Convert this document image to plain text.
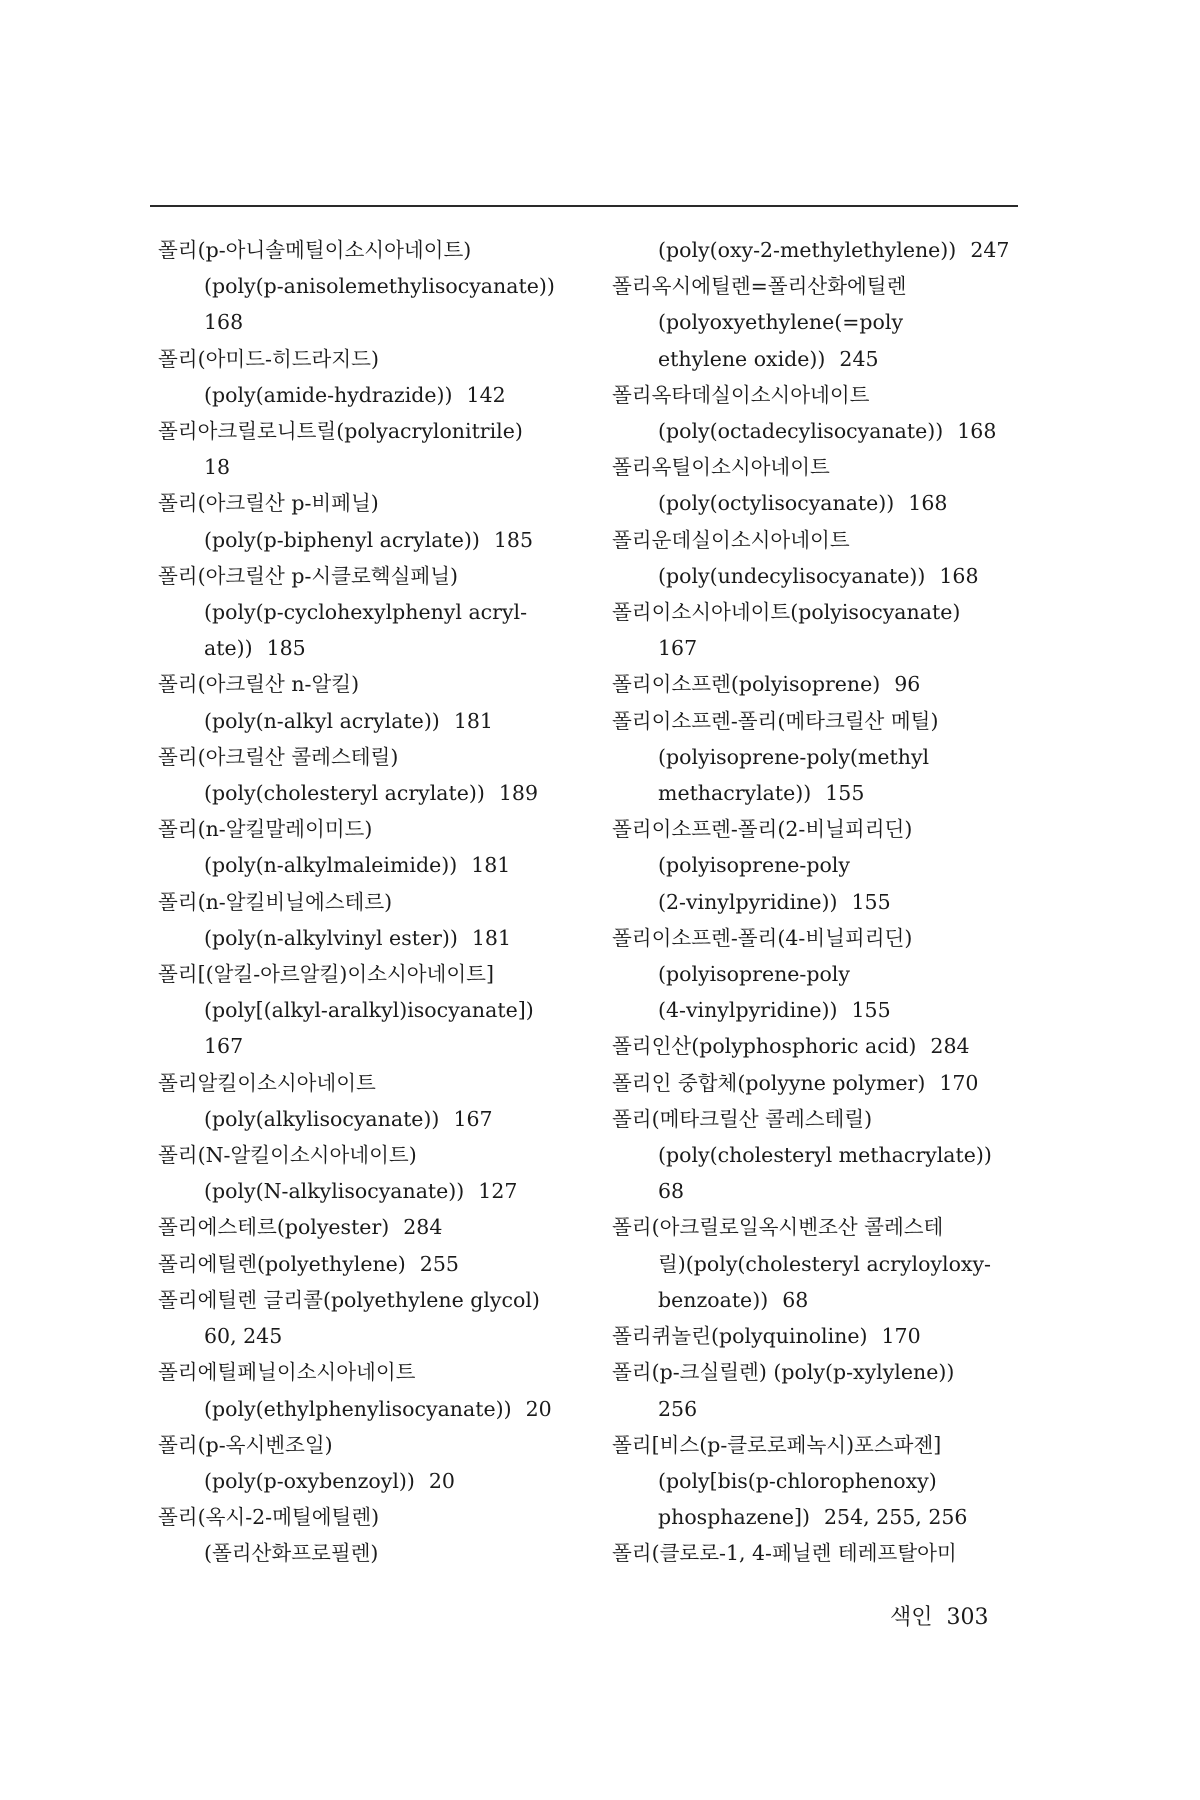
폴리(p-아니솔메틸이소시아네이트)
(poly(p-anisolemethylisocyanate))
168
폴리(아미드-히드라지드)
(poly(amide-hydrazide)) 142
폴리아크릴로니트릴(polyacrylonitrile)
18
폴리(아크릴산 p-비페닐)
(poly(p-biphenyl acrylate)) 185
폴리(아크릴산 p-시클로헥실페닐)
(poly(p-cyclohexylphenyl acryl-
ate)) 185
폴리(아크릴산 n-알킬)
(poly(n-alkyl acrylate)) 181
폴리(아크릴산 콜레스테릴)
(poly(cholesteryl acrylate)) 189
폴리(n-알킬말레이미드)
(poly(n-alkylmaleimide)) 181
폴리(n-알킬비닐에스테르)
(poly(n-alkylvinyl ester)) 181
폴리[(알킬-아르알킬)이소시아네이트]
(poly[(alkyl-aralkyl)isocyanate])
167
폴리알킬이소시아네이트
(poly(alkylisocyanate)) 167
폴리(N-알킬이소시아네이트)
(poly(N-alkylisocyanate)) 127
폴리에스테르(polyester) 284
폴리에틸렌(polyethylene) 255
폴리에틸렌 글리콜(polyethylene glycol)
60, 245
폴리에틸페닐이소시아네이트
(poly(ethylphenylisocyanate)) 20
폴리(p-옥시벤조일)
(poly(p-oxybenzoyl)) 20
폴리(옥시-2-메틸에틸렌)
(폴리산화프로필렌)
(poly(oxy-2-methylethylene)) 247
폴리옥시에틸렌=폴리산화에틸렌
(polyoxyethylene(=poly
ethylene oxide)) 245
폴리옥타데실이소시아네이트
(poly(octadecylisocyanate)) 168
폴리옥틸이소시아네이트
(poly(octylisocyanate)) 168
폴리운데실이소시아네이트
(poly(undecylisocyanate)) 168
폴리이소시아네이트(polyisocyanate)
167
폴리이소프렌(polyisoprene) 96
폴리이소프렌-폴리(메타크릴산 메틸)
(polyisoprene-poly(methyl
methacrylate)) 155
폴리이소프렌-폴리(2-비닐피리딘)
(polyisoprene-poly
(2-vinylpyridine)) 155
폴리이소프렌-폴리(4-비닐피리딘)
(polyisoprene-poly
(4-vinylpyridine)) 155
폴리인산(polyphosphoric acid) 284
폴리인 중합체(polyyne polymer) 170
폴리(메타크릴산 콜레스테릴)
(poly(cholesteryl methacrylate))
68
폴리(아크릴로일옥시벤조산 콜레스테
릴)(poly(cholesteryl acryloyloxy-
benzoate)) 68
폴리퀴놀린(polyquinoline) 170
폴리(p-크실릴렌) (poly(p-xylylene))
256
폴리[비스(p-클로로페녹시)포스파젠]
(poly[bis(p-chlorophenoxy)
phosphazene]) 254, 255, 256
폴리(클로로-1, 4-페닐렌 테레프탈아미
색인 303
